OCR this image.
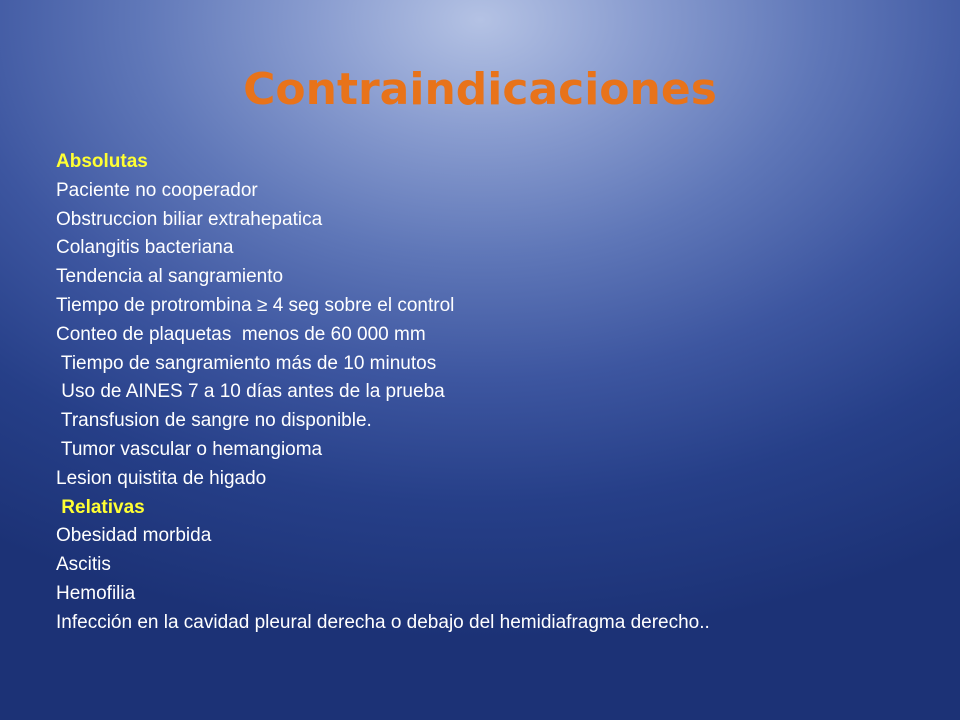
Contraindicaciones

Absolutas

Paciente no cooperador

Obstruccion biliar extrahepatica

Colangitis bacteriana

Tendencia al sangramiento

Tiempo de protrombina ≥ 4 seg sobre el control

Conteo de plaquetas  menos de 60 000 mm

Tiempo de sangramiento más de 10 minutos

Uso de AINES 7 a 10 días antes de la prueba

Transfusion de sangre no disponible.

Tumor vascular o hemangioma

Lesion quistita de higado

Relativas

Obesidad morbida

Ascitis

Hemofilia

Infección en la cavidad pleural derecha o debajo del hemidiafragma derecho..
